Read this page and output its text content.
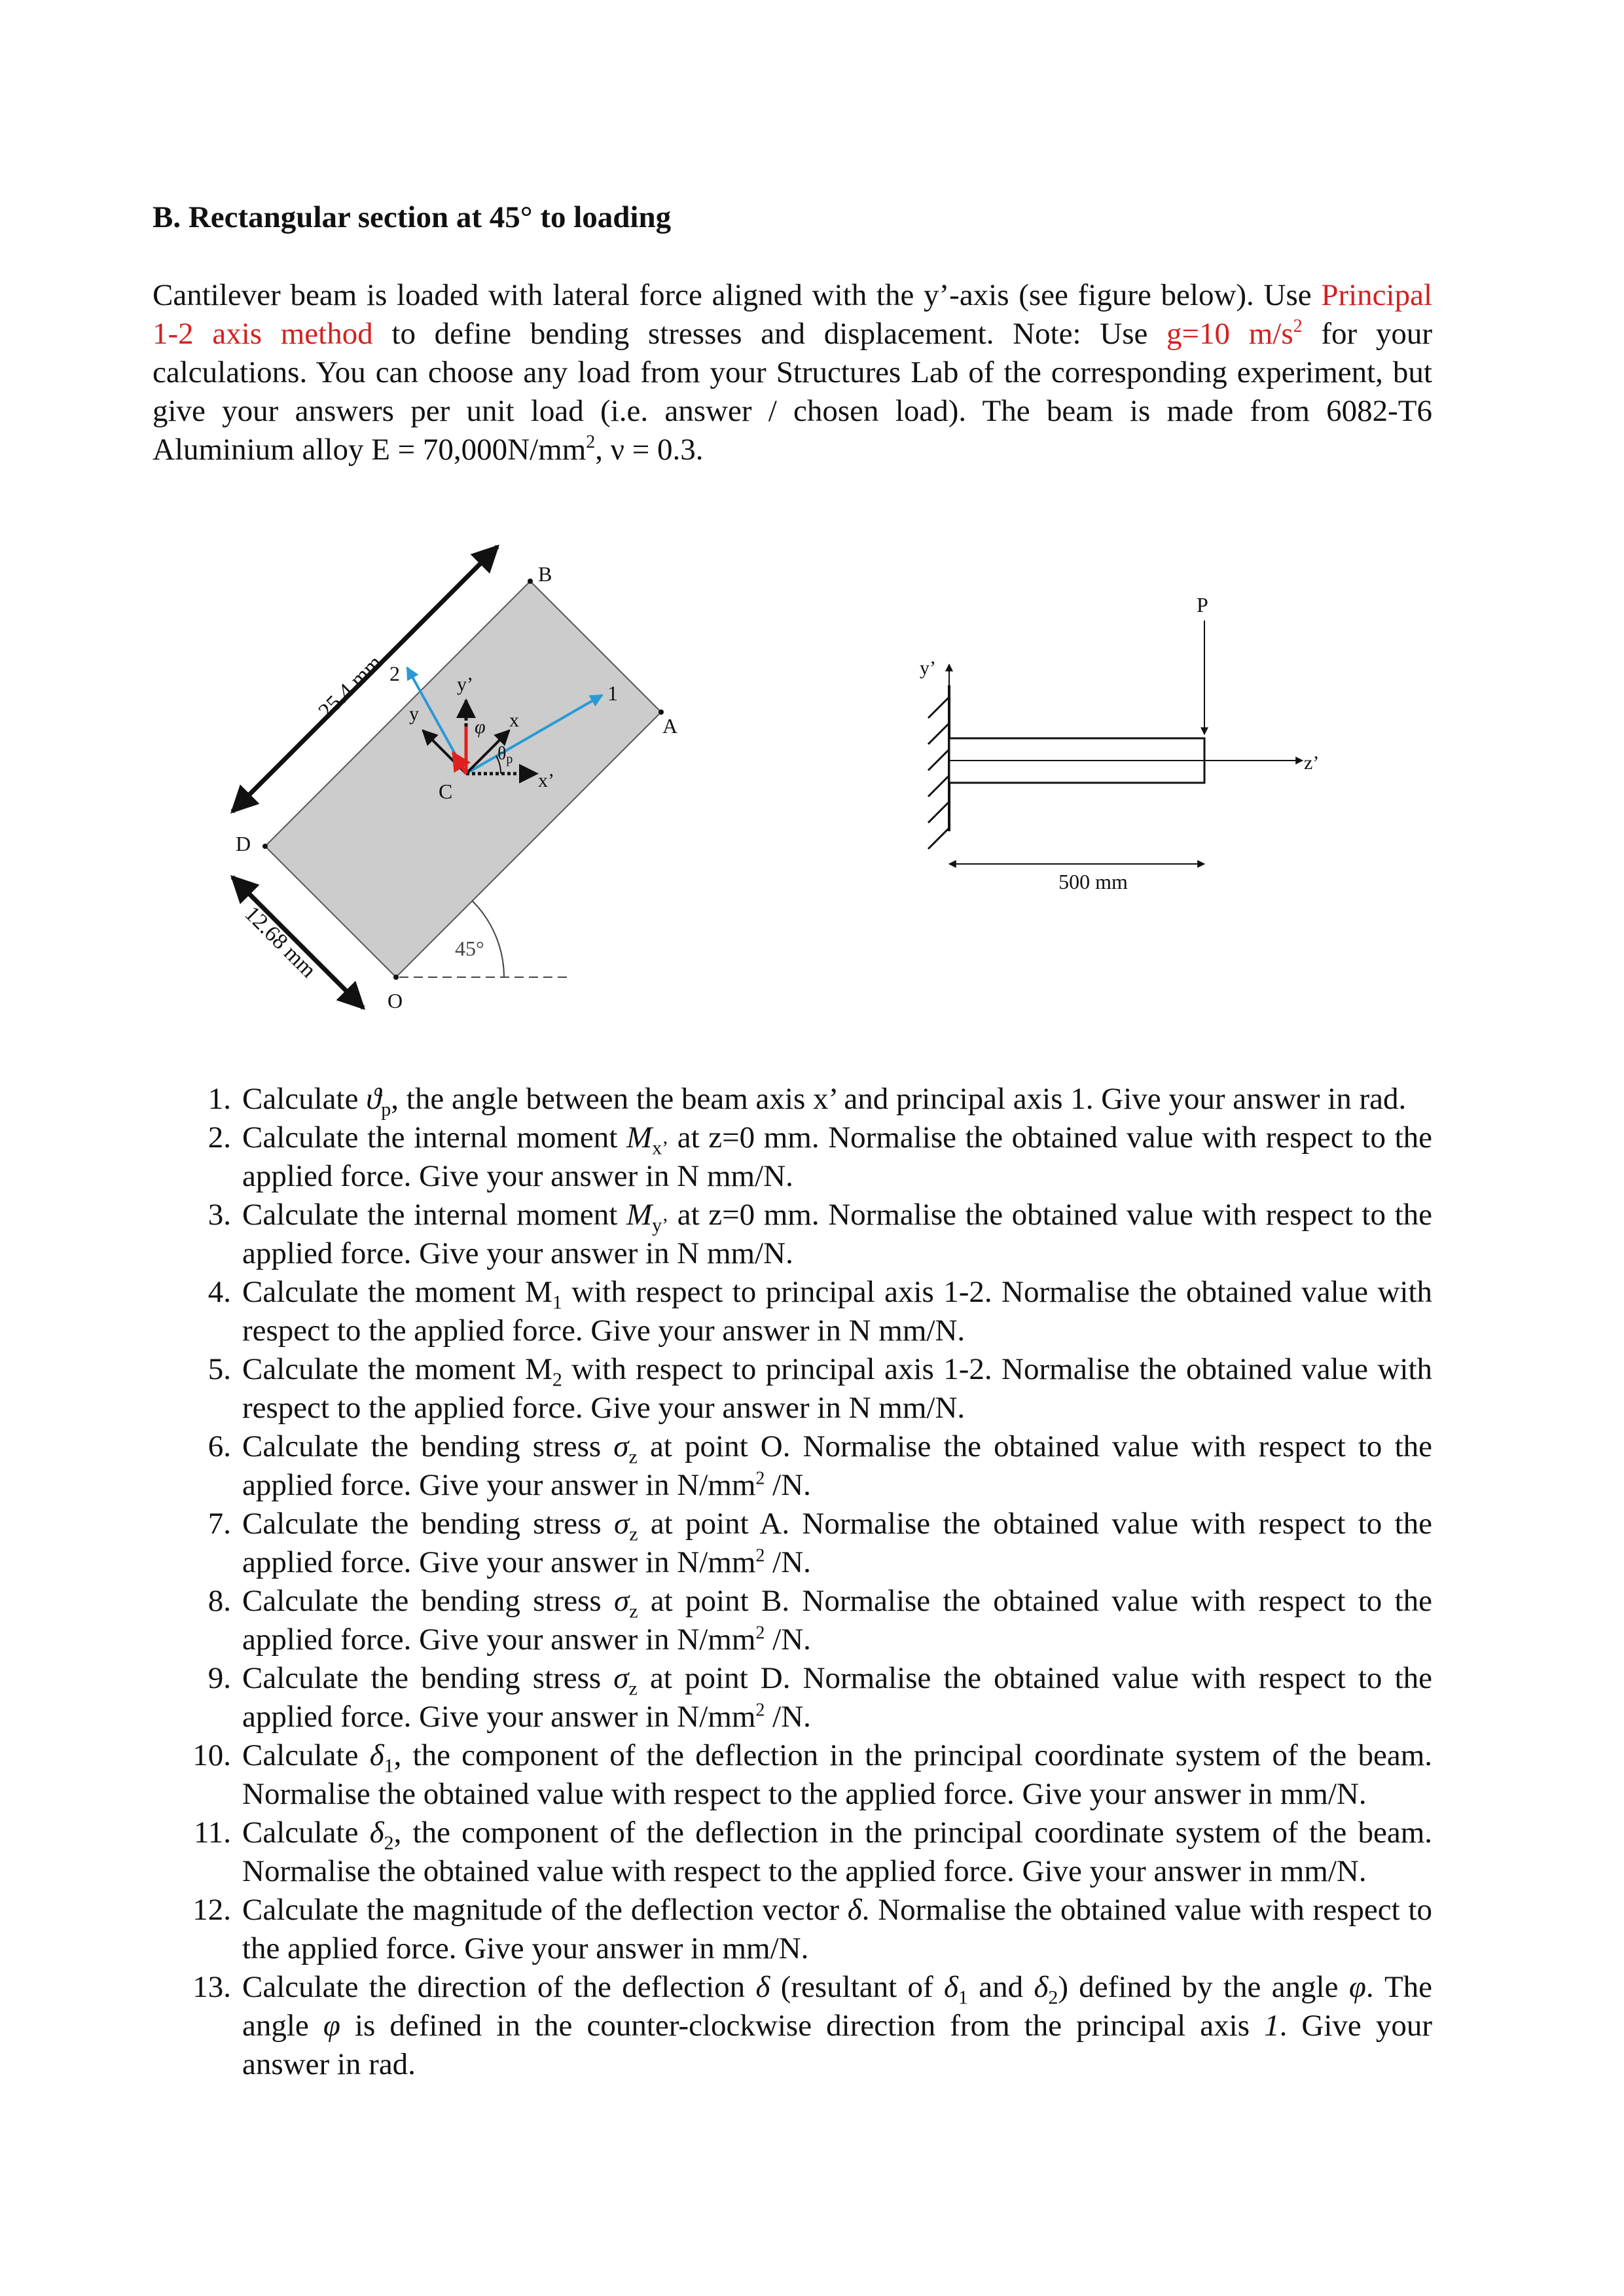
B. Rectangular section at 45° to loading
Cantilever beam is loaded with lateral force aligned with the y’-axis (see figure below). Use Principal 1-2 axis method to define bending stresses and displacement. Note: Use g=10 $m/s^2$ for your calculations. You can choose any load from your Structures Lab of the corresponding experiment, but give your answers per unit load (i.e. answer / chosen load). The beam is made from 6082-T6 Aluminium alloy $E = 70,000N/mm^2$, ν = 0.3.
25.4 mm
12.68 mm	45°
B
A
D
O
C
1
2
x
y
x’
y’
φ
$\theta_p$
y’
z’
P
500 mm
1. Calculate $ϑ_p$, the angle between the beam axis x’ and principal axis 1. Give your answer in rad.
2. Calculate the internal moment $M_{x’}$ at z=0 mm. Normalise the obtained value with respect to the applied force. Give your answer in N mm/N.
3. Calculate the internal moment $M_{y’}$ at z=0 mm. Normalise the obtained value with respect to the applied force. Give your answer in N mm/N.
4. Calculate the moment $M_1$ with respect to principal axis 1-2. Normalise the obtained value with respect to the applied force. Give your answer in N mm/N.
5. Calculate the moment $M_2$ with respect to principal axis 1-2. Normalise the obtained value with respect to the applied force. Give your answer in N mm/N.
6. Calculate the bending stress $\sigma_z$ at point O. Normalise the obtained value with respect to the applied force. Give your answer in $N/mm^2$ /N.
7. Calculate the bending stress $\sigma_z$ at point A. Normalise the obtained value with respect to the applied force. Give your answer in $N/mm^2$ /N.
8. Calculate the bending stress $\sigma_z$ at point B. Normalise the obtained value with respect to the applied force. Give your answer in $N/mm^2$ /N.
9. Calculate the bending stress $\sigma_z$ at point D. Normalise the obtained value with respect to the applied force. Give your answer in $N/mm^2$ /N.
10. Calculate $\delta_1$, the component of the deflection in the principal coordinate system of the beam. Normalise the obtained value with respect to the applied force. Give your answer in mm/N.
11. Calculate $\delta_2$, the component of the deflection in the principal coordinate system of the beam. Normalise the obtained value with respect to the applied force. Give your answer in mm/N.
12. Calculate the magnitude of the deflection vector δ. Normalise the obtained value with respect to the applied force. Give your answer in mm/N.
13. Calculate the direction of the deflection δ (resultant of $\delta_1$ and $\delta_2$) defined by the angle φ. The angle φ is defined in the counter-clockwise direction from the principal axis 1. Give your answer in rad.
